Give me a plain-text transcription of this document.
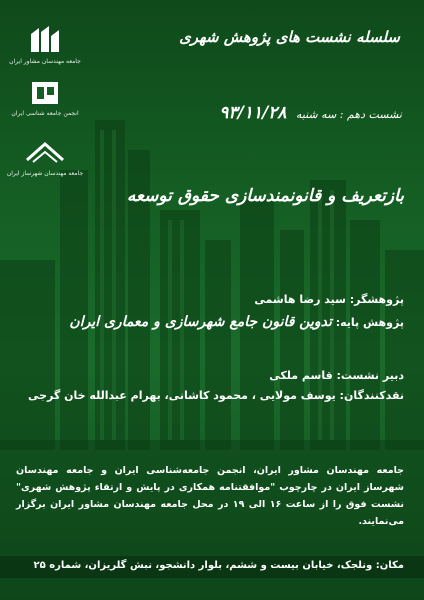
جامعه مهندسان مشاور ایران
انجمن جامعه شناسی ایران
جامعه مهندسان شهرساز ایران
سلسله نشست های پژوهش شهری
نشست دهم : سه شنبه ۹۳/۱۱/۲۸
بازتعریف و قانونمندسازی حقوق توسعه
پژوهشگر: سید رضا هاشمی
پژوهش پایه: تدوین قانون جامع شهرسازی و معماری ایران
دبیر نشست: قاسم ملکی
نقدکنندگان: یوسف مولایی ، محمود کاشانی، بهرام عبدالله خان گرجی
جامعه مهندسان مشاور ایران، انجمن جامعه‌شناسی ایران و جامعه مهندسان شهرساز ایران در چارچوب "موافقتنامه همکاری در پایش و ارتقاء پژوهش شهری" نشست فوق را از ساعت ۱۶ الی ۱۹ در محل جامعه مهندسان مشاور ایران برگزار می‌نمایند.
مکان: ونلجک، خیابان بیست و ششم، بلوار دانشجو، نبش گلریزان، شماره ۲۵
